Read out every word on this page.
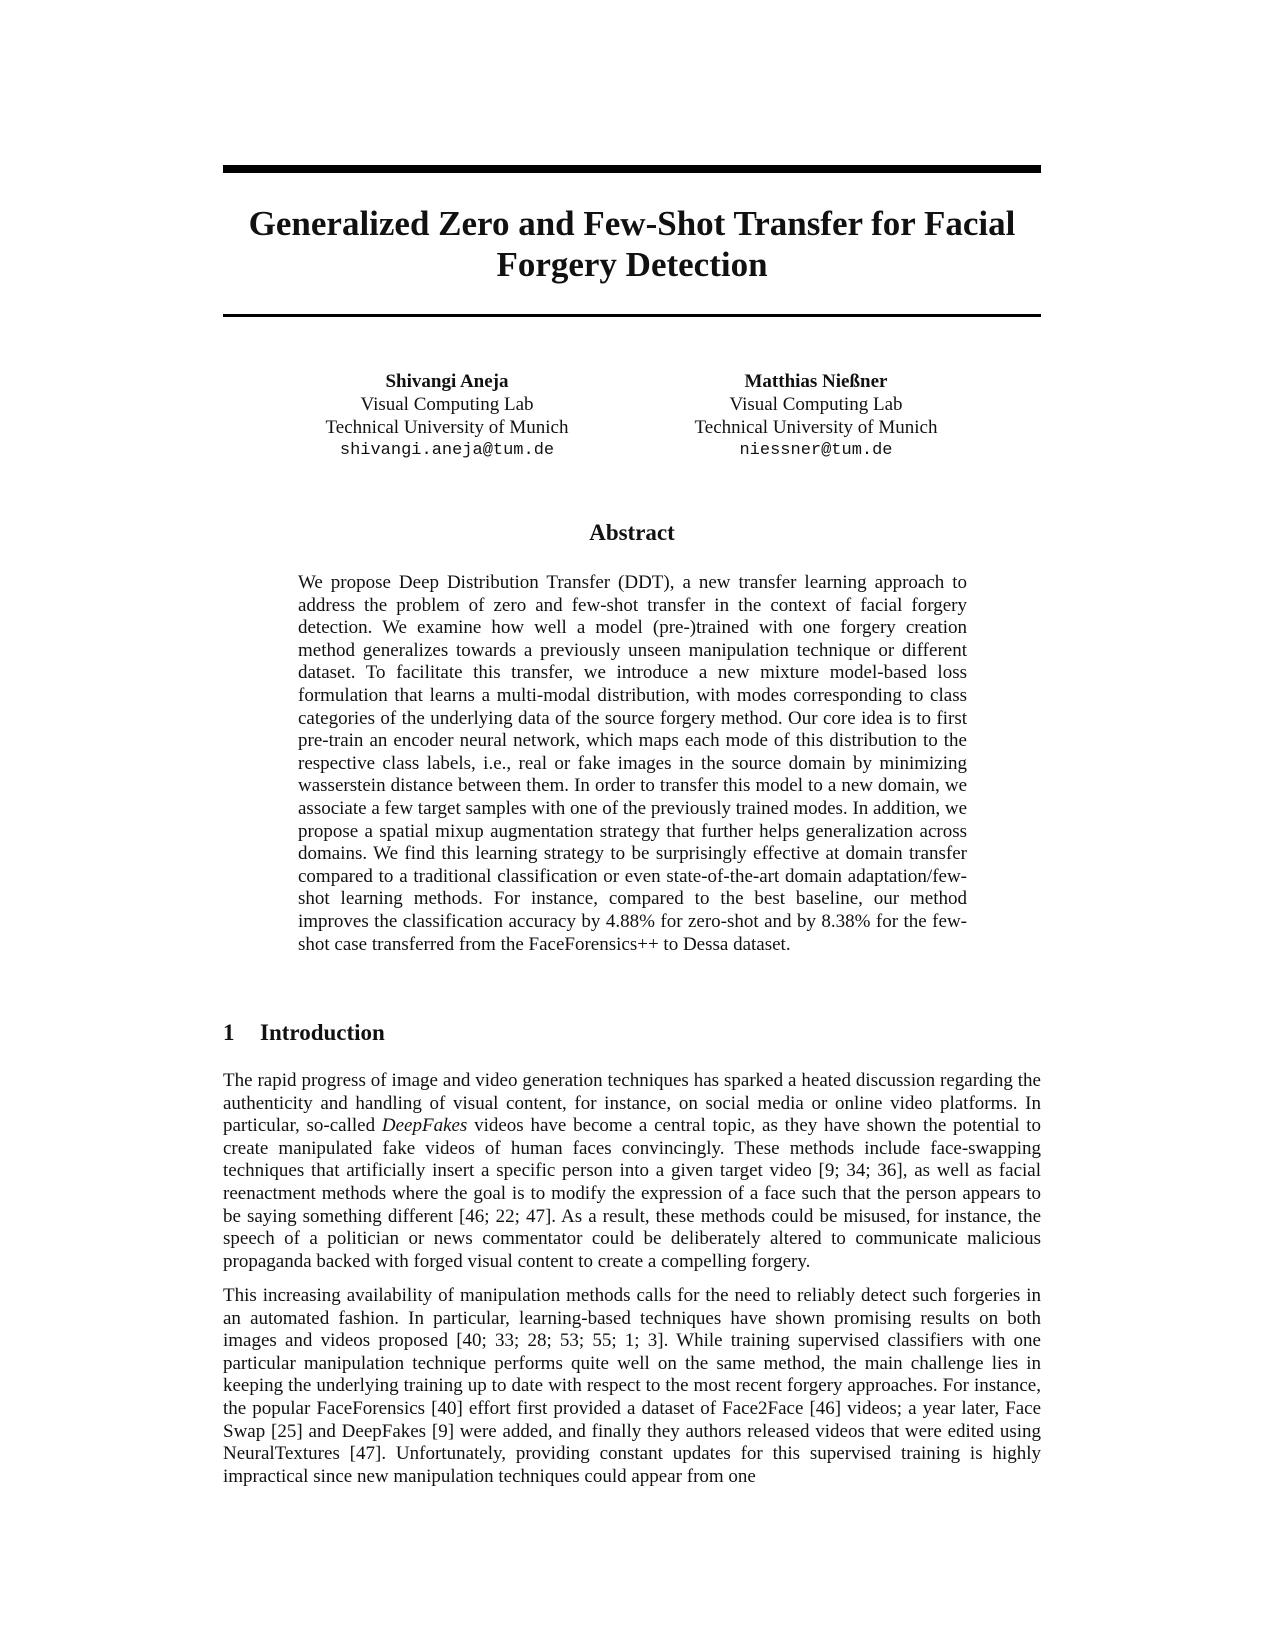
Generalized Zero and Few-Shot Transfer for Facial Forgery Detection
Shivangi Aneja
Visual Computing Lab
Technical University of Munich
shivangi.aneja@tum.de
Matthias Nießner
Visual Computing Lab
Technical University of Munich
niessner@tum.de
Abstract

We propose Deep Distribution Transfer (DDT), a new transfer learning approach to address the problem of zero and few-shot transfer in the context of facial forgery detection. We examine how well a model (pre-)trained with one forgery creation method generalizes towards a previously unseen manipulation technique or different dataset. To facilitate this transfer, we introduce a new mixture model-based loss formulation that learns a multi-modal distribution, with modes corresponding to class categories of the underlying data of the source forgery method. Our core idea is to first pre-train an encoder neural network, which maps each mode of this distribution to the respective class labels, i.e., real or fake images in the source domain by minimizing wasserstein distance between them. In order to transfer this model to a new domain, we associate a few target samples with one of the previously trained modes. In addition, we propose a spatial mixup augmentation strategy that further helps generalization across domains. We find this learning strategy to be surprisingly effective at domain transfer compared to a traditional classification or even state-of-the-art domain adaptation/few-shot learning methods. For instance, compared to the best baseline, our method improves the classification accuracy by 4.88% for zero-shot and by 8.38% for the few-shot case transferred from the FaceForensics++ to Dessa dataset.

1 Introduction

The rapid progress of image and video generation techniques has sparked a heated discussion regarding the authenticity and handling of visual content, for instance, on social media or online video platforms. In particular, so-called DeepFakes videos have become a central topic, as they have shown the potential to create manipulated fake videos of human faces convincingly. These methods include face-swapping techniques that artificially insert a specific person into a given target video [9; 34; 36], as well as facial reenactment methods where the goal is to modify the expression of a face such that the person appears to be saying something different [46; 22; 47]. As a result, these methods could be misused, for instance, the speech of a politician or news commentator could be deliberately altered to communicate malicious propaganda backed with forged visual content to create a compelling forgery.

This increasing availability of manipulation methods calls for the need to reliably detect such forgeries in an automated fashion. In particular, learning-based techniques have shown promising results on both images and videos proposed [40; 33; 28; 53; 55; 1; 3]. While training supervised classifiers with one particular manipulation technique performs quite well on the same method, the main challenge lies in keeping the underlying training up to date with respect to the most recent forgery approaches. For instance, the popular FaceForensics [40] effort first provided a dataset of Face2Face [46] videos; a year later, Face Swap [25] and DeepFakes [9] were added, and finally they authors released videos that were edited using NeuralTextures [47]. Unfortunately, providing constant updates for this supervised training is highly impractical since new manipulation techniques could appear from one
